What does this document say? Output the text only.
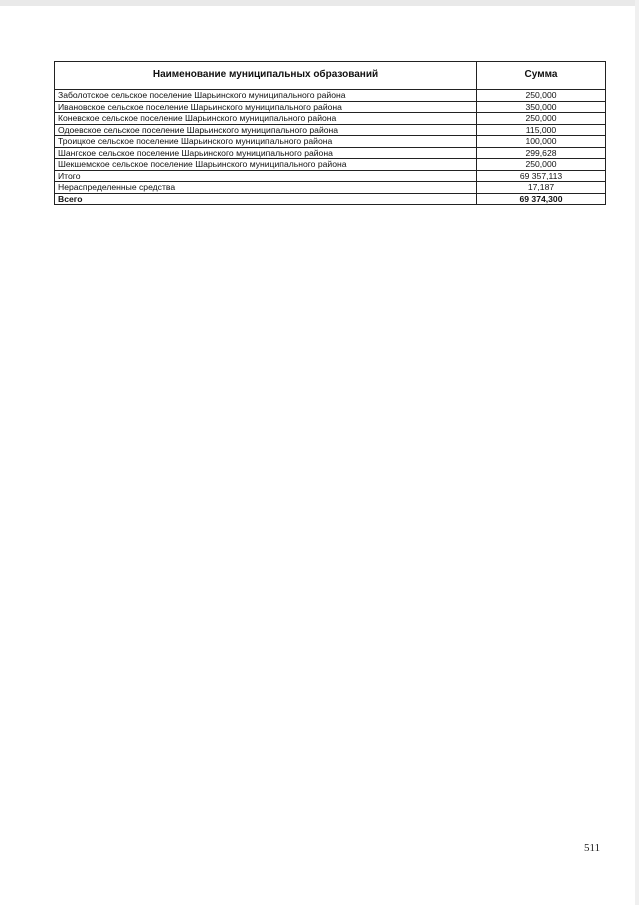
Наименование муниципальных образований	Сумма
Заболотское сельское поселение Шарьинского муниципального района	250,000
Ивановское сельское поселение Шарьинского муниципального района	350,000
Коневское сельское поселение Шарьинского муниципального района	250,000
Одоевское сельское поселение Шарьинского муниципального района	115,000
Троицкое сельское поселение Шарьинского муниципального района	100,000
Шангское сельское поселение Шарьинского муниципального района	299,628
Шекшемское сельское поселение Шарьинского муниципального района	250,000
Итого	69 357,113
Нераспределенные средства	17,187
Всего	69 374,300
511
